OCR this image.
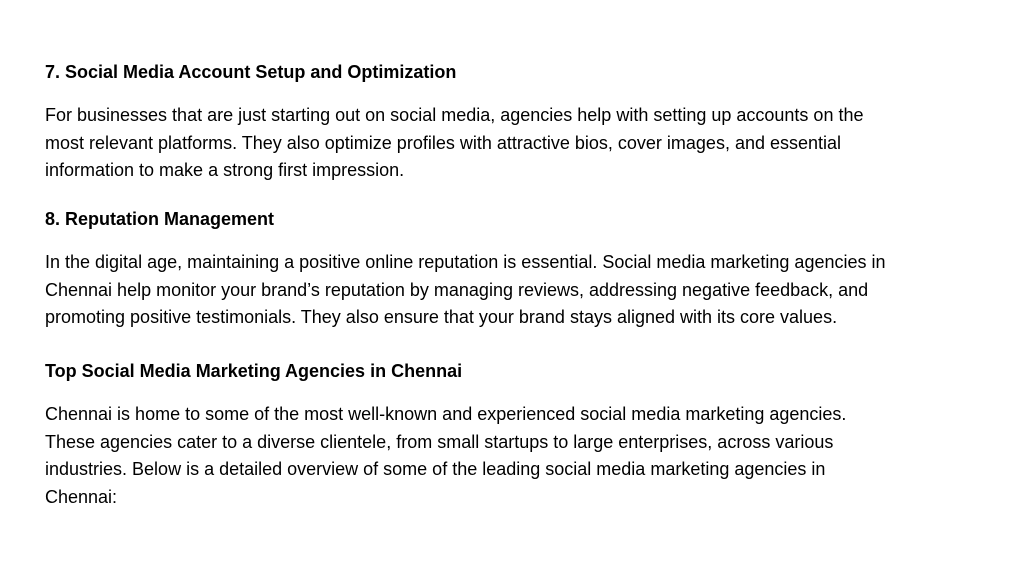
7. Social Media Account Setup and Optimization

For businesses that are just starting out on social media, agencies help with setting up accounts on the
most relevant platforms. They also optimize profiles with attractive bios, cover images, and essential
information to make a strong first impression.

8. Reputation Management

In the digital age, maintaining a positive online reputation is essential. Social media marketing agencies in
Chennai help monitor your brand’s reputation by managing reviews, addressing negative feedback, and
promoting positive testimonials. They also ensure that your brand stays aligned with its core values.

Top Social Media Marketing Agencies in Chennai

Chennai is home to some of the most well-known and experienced social media marketing agencies.
These agencies cater to a diverse clientele, from small startups to large enterprises, across various
industries. Below is a detailed overview of some of the leading social media marketing agencies in
Chennai:
